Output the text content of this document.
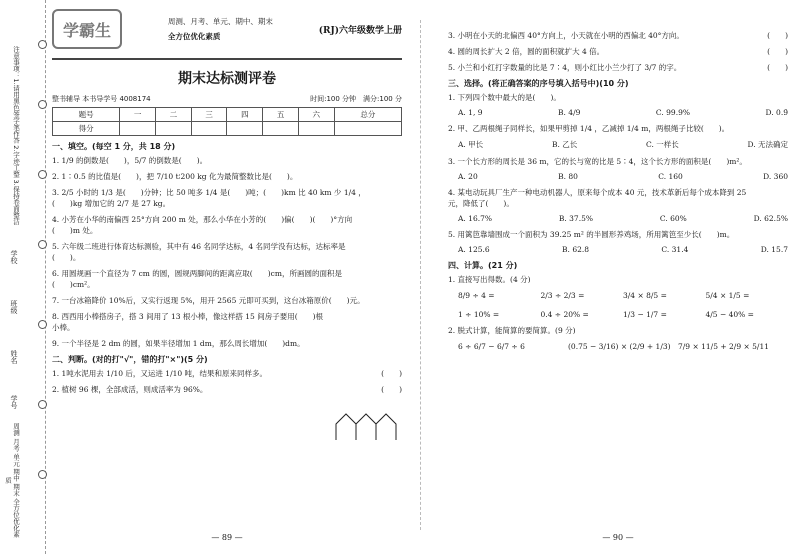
注意事项：1.请用黑色签字笔作答 2.字迹工整 3.保持卷面整洁
学校
班级
姓名
学号
周测 月考 单元 期中 期末 全方位优化素质
学霸生	周测、月考、单元、期中、期末
全方位优化素质
(RJ)六年级数学上册
期末达标测评卷
整书辅导 本书导学号 4008174	时间:100 分钟　 满分:100 分
题号	一	二	三	四	五	六	总分
得分							
一、填空。(每空 1 分，共 18 分)
1. 1/9 的倒数是(　　)，5/7 的倒数是(　　)。
2. 1∶0.5 的比值是(　　)，把 7/10 t∶200 kg 化为最简整数比是(　　)。
3. 2/5 小时的 1/3 是(　　)分钟；比 50 吨多 1/4 是(　　)吨；(　　)km 比 40 km 少 1/4 ，(　　)kg 增加它的 2/7 是 27 kg。
4. 小芳在小华的南偏西 25°方向 200 m 处，那么小华在小芳的(　　)偏(　　)(　　)°方向(　　)m 处。
5. 六年级二班进行体育达标测验，其中有 46 名同学达标，4 名同学没有达标，达标率是(　　)。
6. 用圆规画一个直径为 7 cm 的圆，圆规两脚间的距离应取(　　)cm，所画圆的面积是(　　)cm²。
7. 一台冰箱降价 10%后，又实行返现 5%，用开 2565 元即可买到，这台冰箱原价(　　)元。
8. 西西用小棒搭房子，搭 3 间用了 13 根小棒，像这样搭 15 间房子要用(　　)根小棒。
9. 一个半径是 2 dm 的圆，如果半径增加 1 dm，那么周长增加(　　)dm。
二、判断。(对的打"√"，错的打"×")(5 分)
1. 1吨水泥用去 1/10 后，又运进 1/10 吨，结果和原来同样多。	(　　)
2. 植树 96 棵，全部成活，则成活率为 96%。	(　　)
— 89 —
3. 小明在小天的北偏西 40°方向上，小天就在小明的西偏北 40°方向。	(　　)
4. 圆的周长扩大 2 倍，圆的面积就扩大 4 倍。	(　　)
5. 小兰和小红打字数量的比是 7∶4，则小红比小兰少打了 3/7 的字。	(　　)
三、选择。(将正确答案的序号填入括号中)(10 分)
1. 下列四个数中最大的是(　　)。
A. 1, 9	B. 4/9	C. 99.9%	D. 0.9̇
2. 甲、乙两根绳子同样长，如果甲剪掉 1/4 ，乙减掉 1/4 m，两根绳子比较(　　)。
A. 甲长	B. 乙长	C. 一样长	D. 无法确定
3. 一个长方形的周长是 36 m，它的长与宽的比是 5∶4，这个长方形的面积是(　　)m²。
A. 20	B. 80	C. 160	D. 360
4. 某电动玩具厂生产一种电动机器人，原来每个成本 40 元，技术革新后每个成本降到 25 元，降低了(　　)。
A. 16.7%	B. 37.5%	C. 60%	D. 62.5%
5. 用篱笆靠墙围成一个面积为 39.25 m² 的半圆形养鸡场，所用篱笆至少长(　　)m。
A. 125.6	B. 62.8	C. 31.4	D. 15.7
四、计算。(21 分)
1. 直接写出得数。(4 分)
8/9 ÷ 4 =	2/3 ÷ 2/3 =	3/4 × 8/5 =	5/4 × 1/5 =
1 ÷ 10% =	0.4 ÷ 20% =	1/3 − 1/7 =	4/5 − 40% =
2. 脱式计算，能简算的要简算。(9 分)
6 ÷ 6/7 − 6/7 ÷ 6	(0.75 − 3/16) × (2/9 + 1/3) 7/9 × 11/5 + 2/9 × 5/11
— 90 —
